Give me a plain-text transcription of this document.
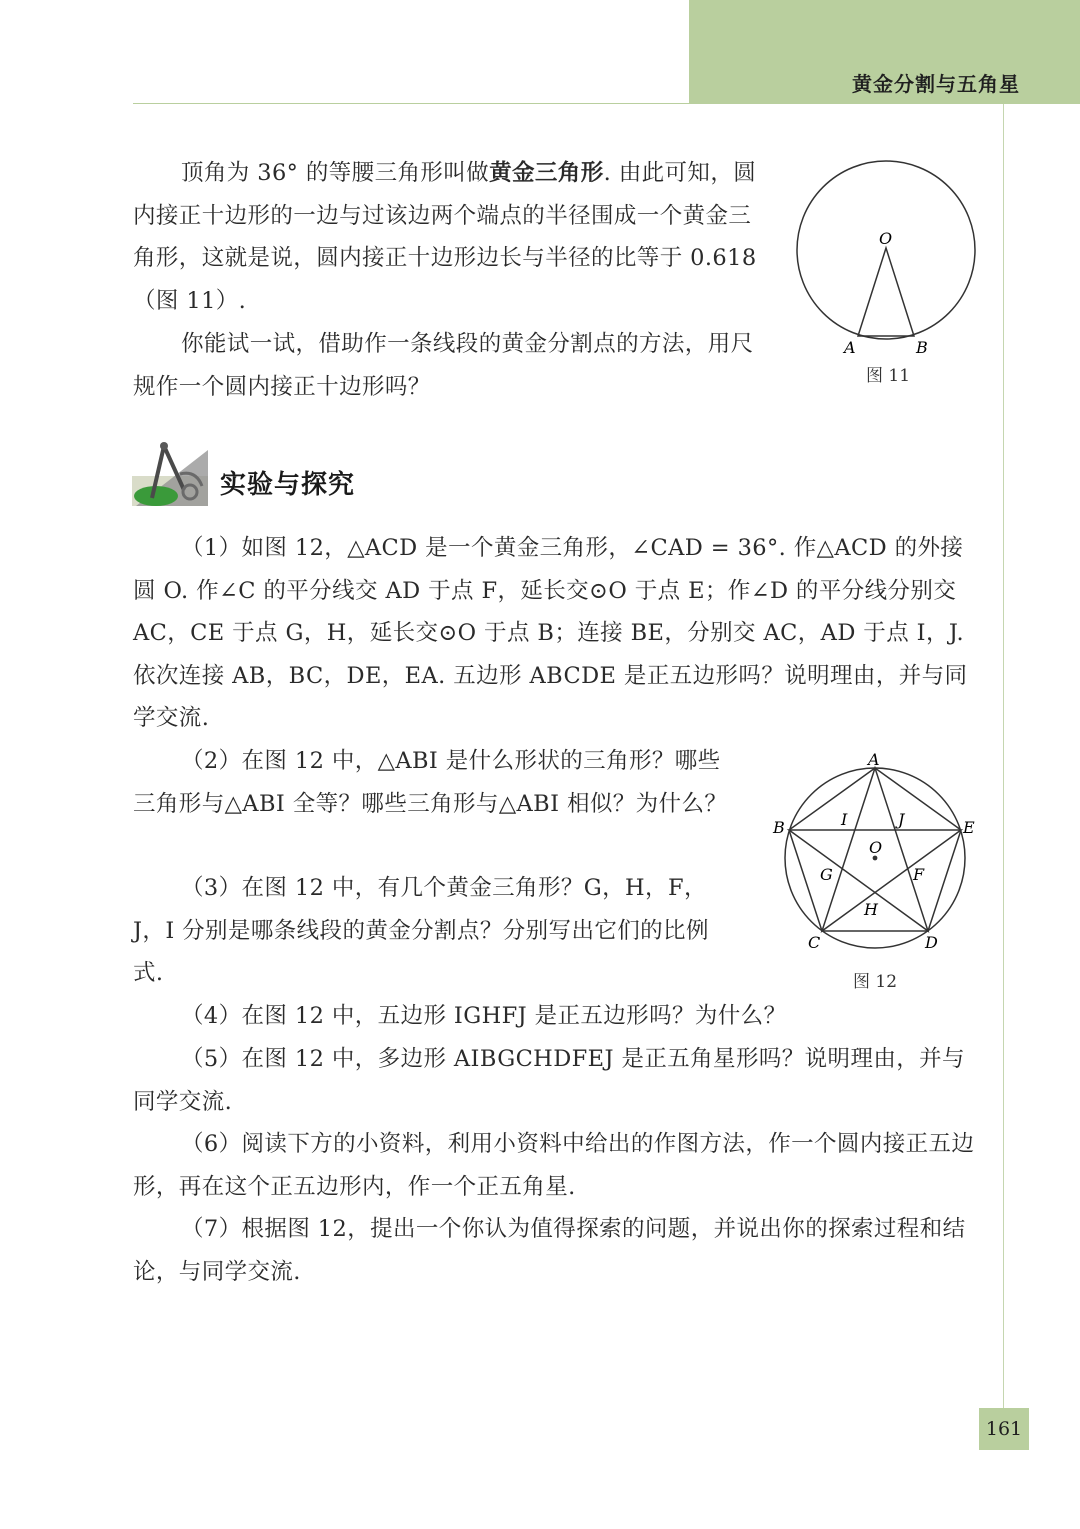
黄金分割与五角星

顶角为 36° 的等腰三角形叫做黄金三角形. 由此可知，圆内接正十边形的一边与过该边两个端点的半径围成一个黄金三角形，这就是说，圆内接正十边形边长与半径的比等于 0.618（图 11）.

你能试一试，借助作一条线段的黄金分割点的方法，用尺规作一个圆内接正十边形吗？

O
A	B
图 11
实验与探究

（1）如图 12，△ACD 是一个黄金三角形，∠CAD = 36°. 作△ACD 的外接圆 O. 作∠C 的平分线交 AD 于点 F，延长交⊙O 于点 E；作∠D 的平分线分别交 AC，CE 于点 G，H，延长交⊙O 于点 B；连接 BE，分别交 AC，AD 于点 I，J. 依次连接 AB，BC，DE，EA. 五边形 ABCDE 是正五边形吗？说明理由，并与同学交流.

（2）在图 12 中，△ABI 是什么形状的三角形？哪些三角形与△ABI 全等？哪些三角形与△ABI 相似？为什么？

（3）在图 12 中，有几个黄金三角形？G，H，F，J，I 分别是哪条线段的黄金分割点？分别写出它们的比例式.

A
B	E
C	D
I	J
G	F
H
O
图 12

（4）在图 12 中，五边形 IGHFJ 是正五边形吗？为什么？

（5）在图 12 中，多边形 AIBGCHDFEJ 是正五角星形吗？说明理由，并与同学交流.

（6）阅读下方的小资料，利用小资料中给出的作图方法，作一个圆内接正五边形，再在这个正五边形内，作一个正五角星.

（7）根据图 12，提出一个你认为值得探索的问题，并说出你的探索过程和结论，与同学交流.

161
